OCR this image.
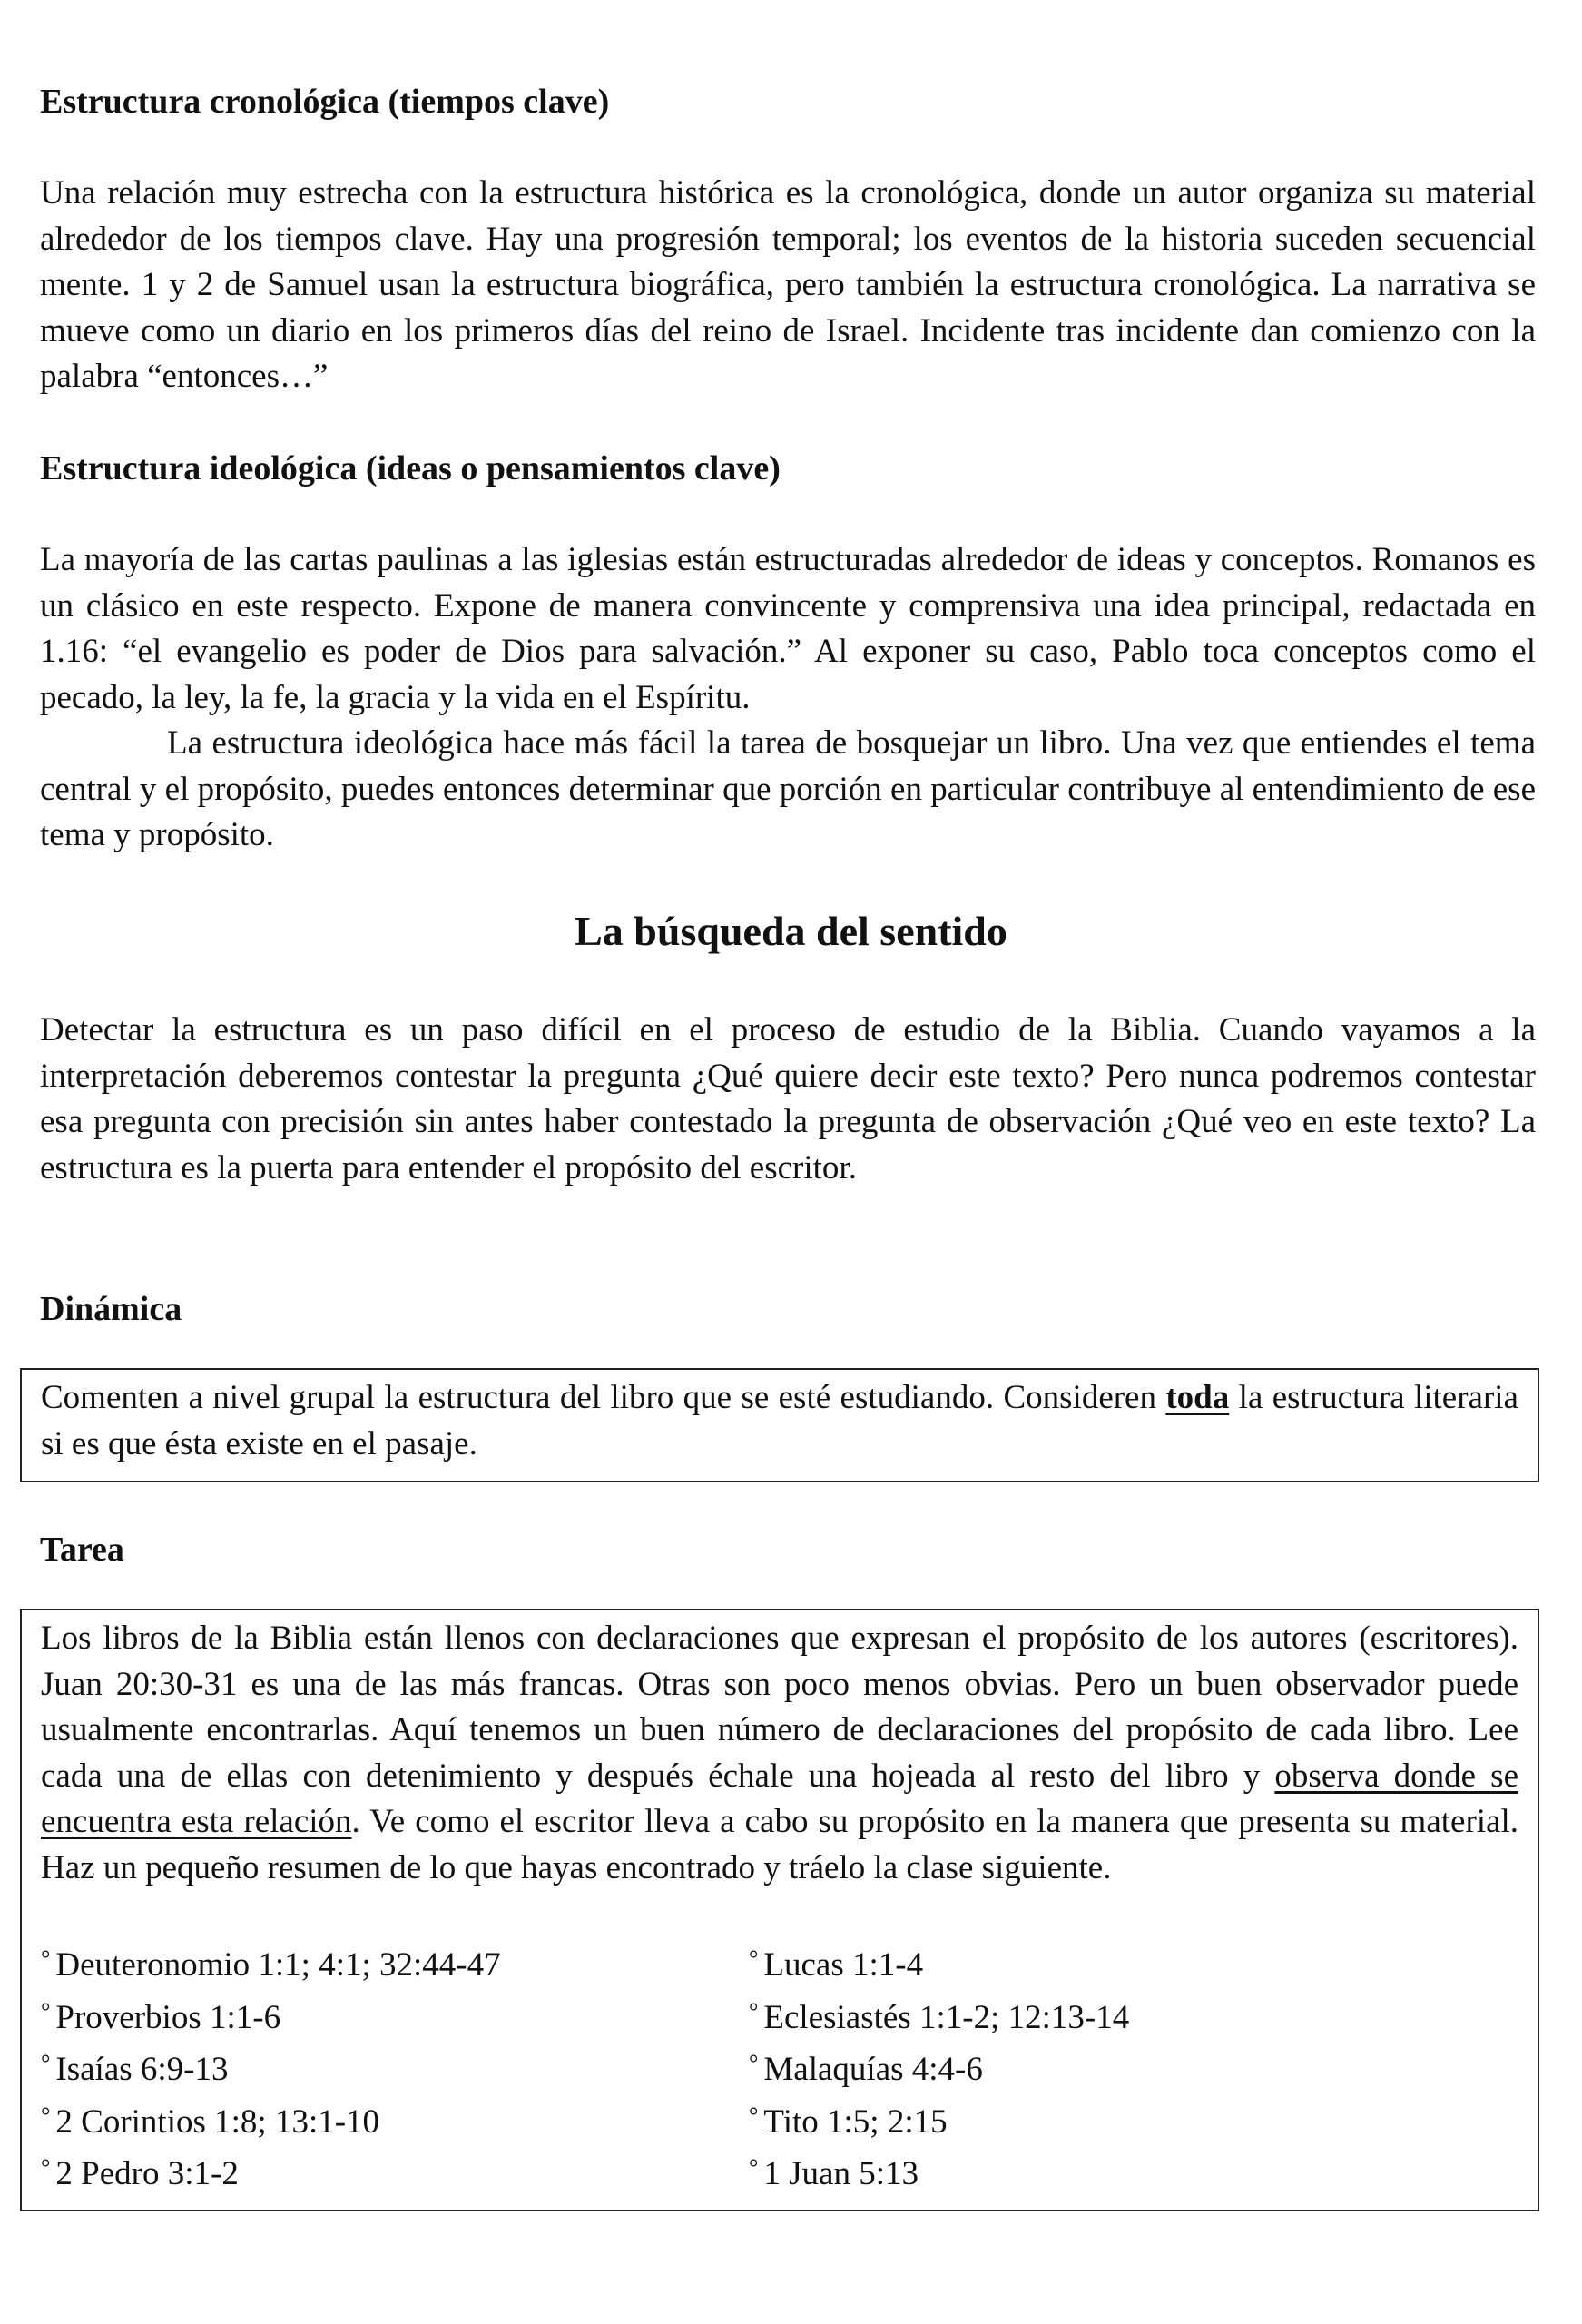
Estructura cronológica (tiempos clave)

Una relación muy estrecha con la estructura histórica es la cronológica, donde un autor organiza su material alrededor de los tiempos clave. Hay una progresión temporal; los eventos de la historia suceden secuencial mente. 1 y 2 de Samuel usan la estructura biográfica, pero también la estructura cronológica. La narrativa se mueve como un diario en los primeros días del reino de Israel. Incidente tras incidente dan comienzo con la palabra “entonces…”

Estructura ideológica (ideas o pensamientos clave)

La mayoría de las cartas paulinas a las iglesias están estructuradas alrededor de ideas y conceptos. Romanos es un clásico en este respecto. Expone de manera convincente y comprensiva una idea principal, redactada en 1.16: “el evangelio es poder de Dios para salvación.” Al exponer su caso, Pablo toca conceptos como el pecado, la ley, la fe, la gracia y la vida en el Espíritu.

La estructura ideológica hace más fácil la tarea de bosquejar un libro. Una vez que entiendes el tema central y el propósito, puedes entonces determinar que porción en particular contribuye al entendimiento de ese tema y propósito.

La búsqueda del sentido

Detectar la estructura es un paso difícil en el proceso de estudio de la Biblia. Cuando vayamos a la interpretación deberemos contestar la pregunta ¿Qué quiere decir este texto? Pero nunca podremos contestar esa pregunta con precisión sin antes haber contestado la pregunta de observación ¿Qué veo en este texto? La estructura es la puerta para entender el propósito del escritor.

Dinámica

Comenten a nivel grupal la estructura del libro que se esté estudiando. Consideren toda la estructura literaria si es que ésta existe en el pasaje.

Tarea

Los libros de la Biblia están llenos con declaraciones que expresan el propósito de los autores (escritores). Juan 20:30-31 es una de las más francas. Otras son poco menos obvias. Pero un buen observador puede usualmente encontrarlas. Aquí tenemos un buen número de declaraciones del propósito de cada libro. Lee cada una de ellas con detenimiento y después échale una hojeada al resto del libro y observa donde se encuentra esta relación. Ve como el escritor lleva a cabo su propósito en la manera que presenta su material. Haz un pequeño resumen de lo que hayas encontrado y tráelo la clase siguiente.

° Deuteronomio 1:1; 4:1; 32:44-47	° Lucas 1:1-4
° Proverbios 1:1-6	° Eclesiastés 1:1-2; 12:13-14
° Isaías 6:9-13	° Malaquías 4:4-6
° 2 Corintios 1:8; 13:1-10	° Tito 1:5; 2:15
° 2 Pedro 3:1-2	° 1 Juan 5:13
